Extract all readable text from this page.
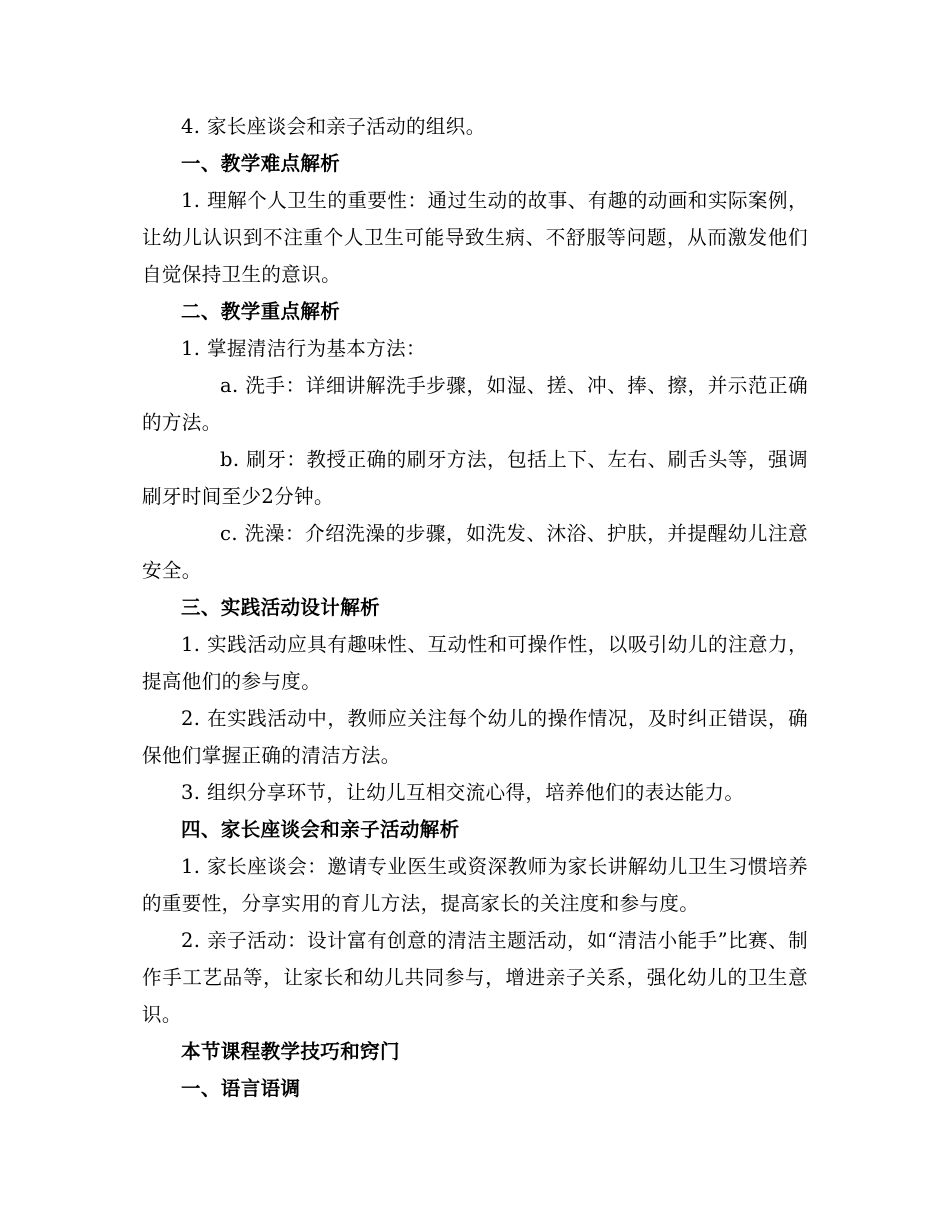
4. 家长座谈会和亲子活动的组织。

一、教学难点解析

1. 理解个人卫生的重要性：通过生动的故事、有趣的动画和实际案例，让幼儿认识到不注重个人卫生可能导致生病、不舒服等问题，从而激发他们自觉保持卫生的意识。

二、教学重点解析

1. 掌握清洁行为基本方法：

a. 洗手：详细讲解洗手步骤，如湿、搓、冲、捧、擦，并示范正确的方法。

b. 刷牙：教授正确的刷牙方法，包括上下、左右、刷舌头等，强调刷牙时间至少2分钟。

c. 洗澡：介绍洗澡的步骤，如洗发、沐浴、护肤，并提醒幼儿注意安全。

三、实践活动设计解析

1. 实践活动应具有趣味性、互动性和可操作性，以吸引幼儿的注意力，提高他们的参与度。

2. 在实践活动中，教师应关注每个幼儿的操作情况，及时纠正错误，确保他们掌握正确的清洁方法。

3. 组织分享环节，让幼儿互相交流心得，培养他们的表达能力。

四、家长座谈会和亲子活动解析

1. 家长座谈会：邀请专业医生或资深教师为家长讲解幼儿卫生习惯培养的重要性，分享实用的育儿方法，提高家长的关注度和参与度。

2. 亲子活动：设计富有创意的清洁主题活动，如“清洁小能手”比赛、制作手工艺品等，让家长和幼儿共同参与，增进亲子关系，强化幼儿的卫生意识。

本节课程教学技巧和窍门

一、语言语调
